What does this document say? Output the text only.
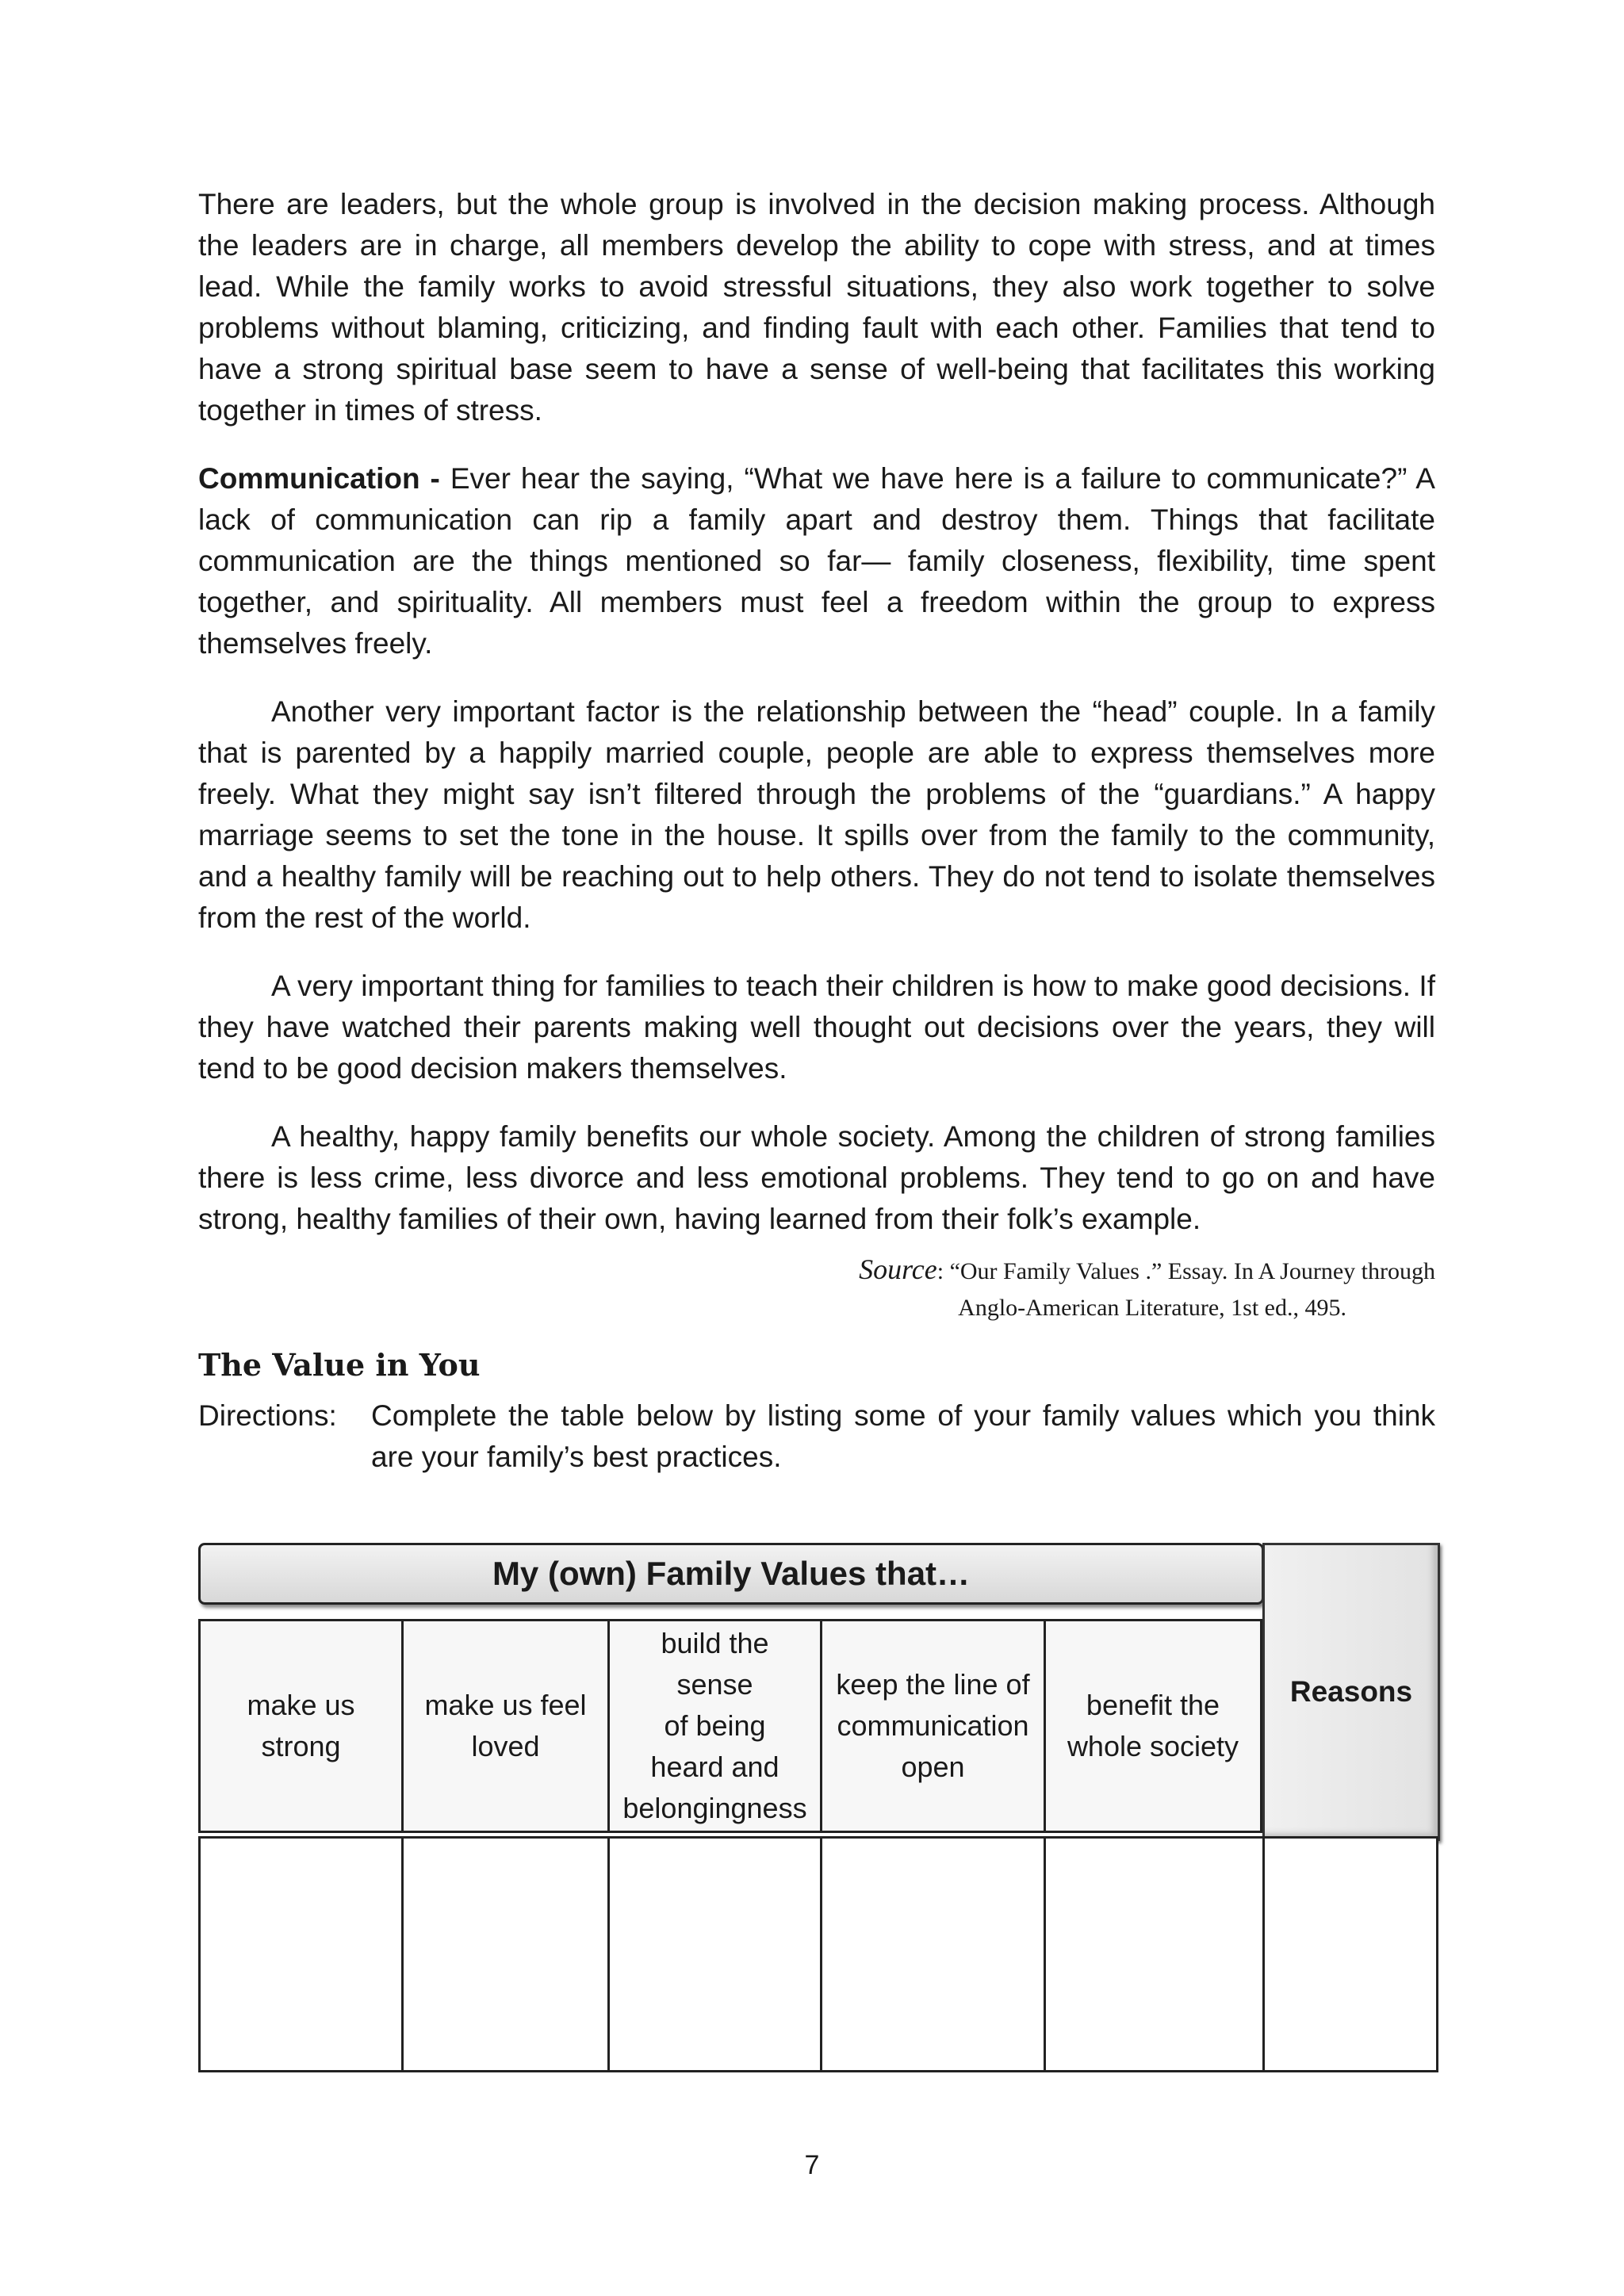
There are leaders, but the whole group is involved in the decision making process. Although the leaders are in charge, all members develop the ability to cope with stress, and at times lead. While the family works to avoid stressful situations, they also work together to solve problems without blaming, criticizing, and finding fault with each other. Families that tend to have a strong spiritual base seem to have a sense of well-being that facilitates this working together in times of stress.

Communication - Ever hear the saying, “What we have here is a failure to communicate?” A lack of communication can rip a family apart and destroy them. Things that facilitate communication are the things mentioned so far— family closeness, flexibility, time spent together, and spirituality. All members must feel a freedom within the group to express themselves freely.

Another very important factor is the relationship between the “head” couple. In a family that is parented by a happily married couple, people are able to express themselves more freely. What they might say isn’t filtered through the problems of the “guardians.” A happy marriage seems to set the tone in the house. It spills over from the family to the community, and a healthy family will be reaching out to help others. They do not tend to isolate themselves from the rest of the world.

A very important thing for families to teach their children is how to make good decisions. If they have watched their parents making well thought out decisions over the years, they will tend to be good decision makers themselves.

A healthy, happy family benefits our whole society. Among the children of strong families there is less crime, less divorce and less emotional problems. They tend to go on and have strong, healthy families of their own, having learned from their folk’s example.

Source: “Our Family Values .” Essay. In A Journey through
Anglo-American Literature, 1st ed., 495.
The Value in You
Directions:	Complete the table below by listing some of your family values which you think are your family’s best practices.
My (own) Family Values that…
Reasons
make us
strong
make us feel
loved
build the
sense
of being
heard and
belongingness
keep the line of
communication
open
benefit the
whole society
7
